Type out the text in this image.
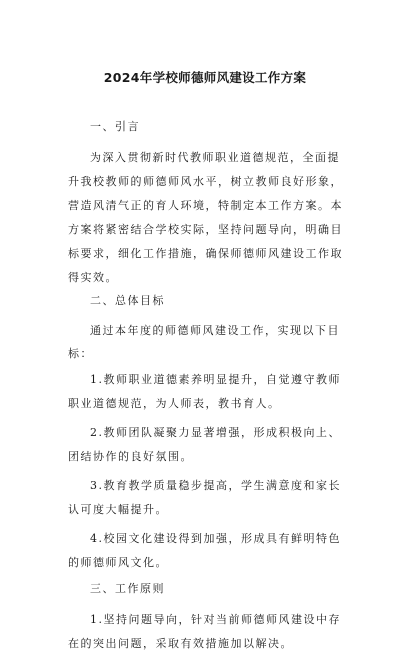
2024年学校师德师风建设工作方案

一、引言

为深入贯彻新时代教师职业道德规范，全面提升我校教师的师德师风水平，树立教师良好形象，营造风清气正的育人环境，特制定本工作方案。本方案将紧密结合学校实际，坚持问题导向，明确目标要求，细化工作措施，确保师德师风建设工作取得实效。

二、总体目标

通过本年度的师德师风建设工作，实现以下目标：

1.教师职业道德素养明显提升，自觉遵守教师职业道德规范，为人师表，教书育人。

2.教师团队凝聚力显著增强，形成积极向上、团结协作的良好氛围。

3.教育教学质量稳步提高，学生满意度和家长认可度大幅提升。

4.校园文化建设得到加强，形成具有鲜明特色的师德师风文化。

三、工作原则

1.坚持问题导向，针对当前师德师风建设中存在的突出问题，采取有效措施加以解决。
